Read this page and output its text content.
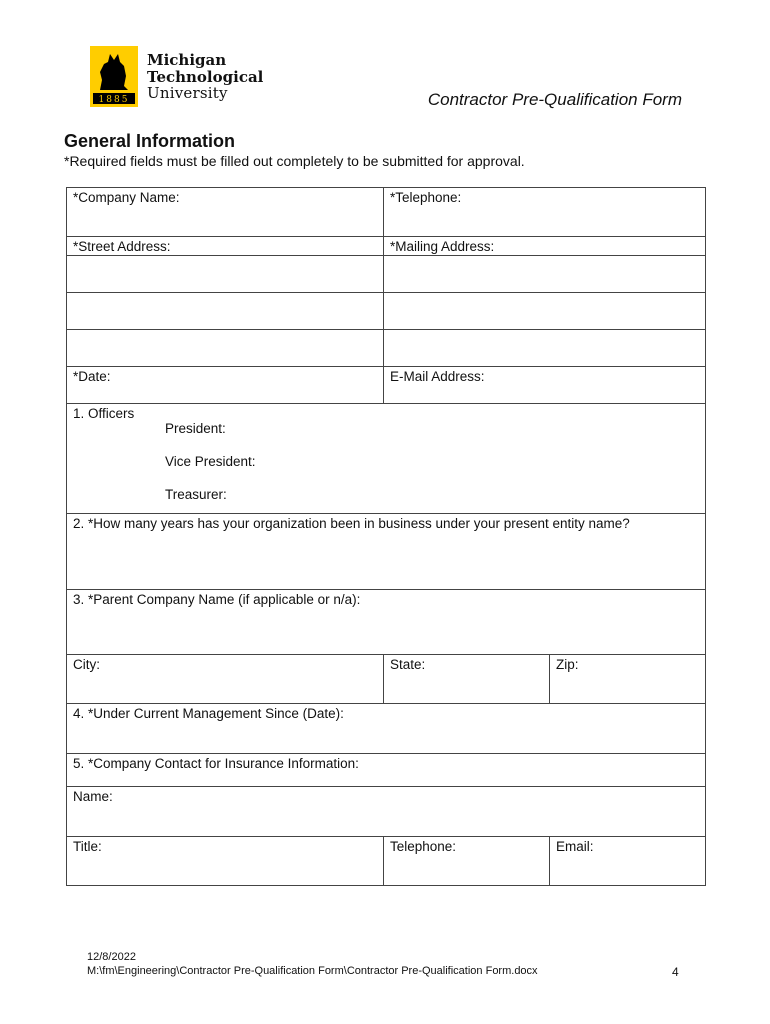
1885
Michigan
Technological
University	Contractor Pre-Qualification Form
General Information
*Required fields must be filled out completely to be submitted for approval.
*Company Name:	*Telephone:	
*Street Address:	*Mailing Address:	

*Date:	E-Mail Address:	

1. Officers
President:
Vice President:
Treasurer:		

2. *How many years has your organization been in business under your present entity name?		
3. *Parent Company Name (if applicable or n/a):		
City:	State:	Zip:
4. *Under Current Management Since (Date):		
5. *Company Contact for Insurance Information:		
Name:		
Title:	Telephone:	Email:
12/8/2022
M:\fm\Engineering\Contractor Pre-Qualification Form\Contractor Pre-Qualification Form.docx	4
